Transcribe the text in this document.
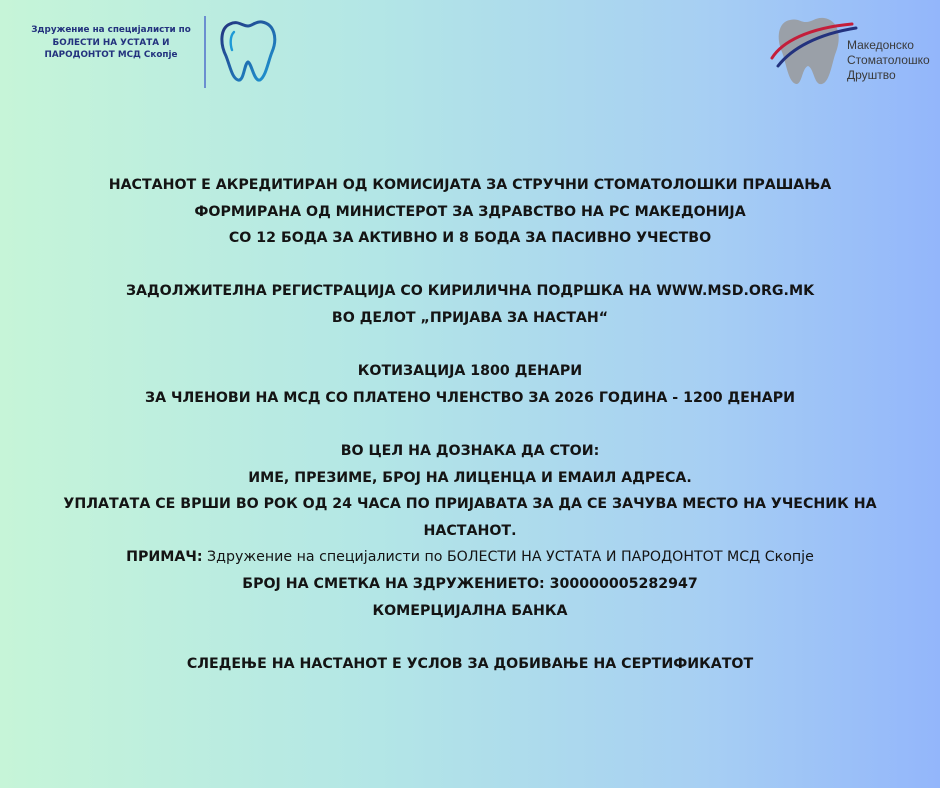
Здружение на специјалисти по
БОЛЕСТИ НА УСТАТА И
ПАРОДОНТОТ МСД Скопје
Македонско
Стоматолошко
Друштво
НАСТАНОТ Е АКРЕДИТИРАН ОД КОМИСИЈАТА ЗА СТРУЧНИ СТОМАТОЛОШКИ ПРАШАЊА
ФОРМИРАНА ОД МИНИСТЕРОТ ЗА ЗДРАВСТВО НА РС МАКЕДОНИЈА
СО 12 БОДА ЗА АКТИВНО И 8 БОДА ЗА ПАСИВНО УЧЕСТВО
ЗАДОЛЖИТЕЛНА РЕГИСТРАЦИЈА СО КИРИЛИЧНА ПОДРШКА НА WWW.MSD.ORG.MK
ВО ДЕЛОТ „ПРИЈАВА ЗА НАСТАН“
КОТИЗАЦИЈА 1800 ДЕНАРИ
ЗА ЧЛЕНОВИ НА МСД СО ПЛАТЕНО ЧЛЕНСТВО ЗА 2026 ГОДИНА - 1200 ДЕНАРИ
ВО ЦЕЛ НА ДОЗНАКА ДА СТОИ:
ИМЕ, ПРЕЗИМЕ, БРОЈ НА ЛИЦЕНЦА И ЕМАИЛ АДРЕСА.
УПЛАТАТА СЕ ВРШИ ВО РОК ОД 24 ЧАСА ПО ПРИЈАВАТА ЗА ДА СЕ ЗАЧУВА МЕСТО НА УЧЕСНИК НА
НАСТАНОТ.
ПРИМАЧ: Здружение на специјалисти по БОЛЕСТИ НА УСТАТА И ПАРОДОНТОТ МСД Скопје
БРОЈ НА СМЕТКА НА ЗДРУЖЕНИЕТО: 300000005282947
КОМЕРЦИЈАЛНА БАНКА
СЛЕДЕЊЕ НА НАСТАНОТ Е УСЛОВ ЗА ДОБИВАЊЕ НА СЕРТИФИКАТОТ
